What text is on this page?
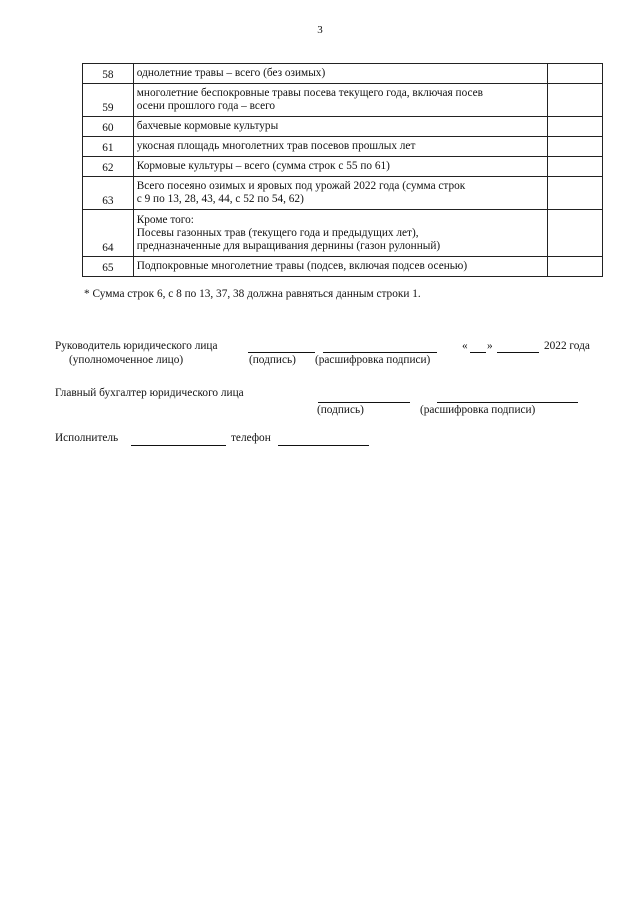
3
58	однолетние травы – всего (без озимых)	
59	многолетние беспокровные травы посева текущего года, включая посев
осени прошлого года – всего	
60	бахчевые кормовые культуры	
61	укосная площадь многолетних трав посевов прошлых лет	
62	Кормовые культуры – всего (сумма строк с 55 по 61)	
63	Всего посеяно озимых и яровых под урожай 2022 года (сумма строк
с 9 по 13, 28, 43, 44, с 52 по 54, 62)	
64	Кроме того:
Посевы газонных трав (текущего года и предыдущих лет),
предназначенные для выращивания дернины (газон рулонный)	
65	Подпокровные многолетние травы (подсев, включая подсев осенью)	
* Сумма строк 6, с 8 по 13, 37, 38 должна равняться данным строки 1.
Руководитель юридического лица	« »	2022 года
(уполномоченное лицо)	(подпись) (расшифровка подписи)
Главный бухгалтер юридического лица
(подпись)	(расшифровка подписи)
Исполнитель	телефон
